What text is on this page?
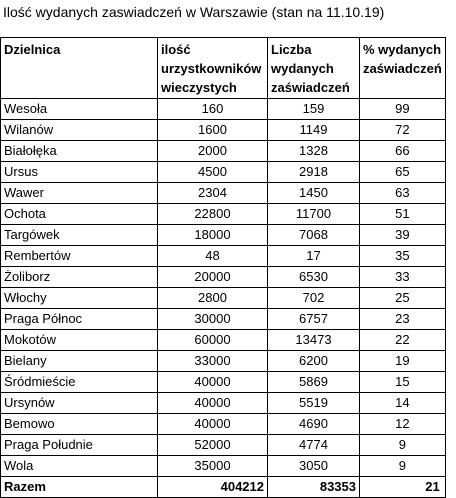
Ilość wydanych zaswiadczeń w Warszawie (stan na 11.10.19)
Dzielnica	ilość urzystkowników wieczystych	Liczba wydanych zaświadczeń	% wydanych zaświadczeń
Wesoła	160	159	99
Wilanów	1600	1149	72
Białołęka	2000	1328	66
Ursus	4500	2918	65
Wawer	2304	1450	63
Ochota	22800	11700	51
Targówek	18000	7068	39
Rembertów	48	17	35
Żoliborz	20000	6530	33
Włochy	2800	702	25
Praga Północ	30000	6757	23
Mokotów	60000	13473	22
Bielany	33000	6200	19
Śródmieście	40000	5869	15
Ursynów	40000	5519	14
Bemowo	40000	4690	12
Praga Południe	52000	4774	9
Wola	35000	3050	9
Razem	404212	83353	21
